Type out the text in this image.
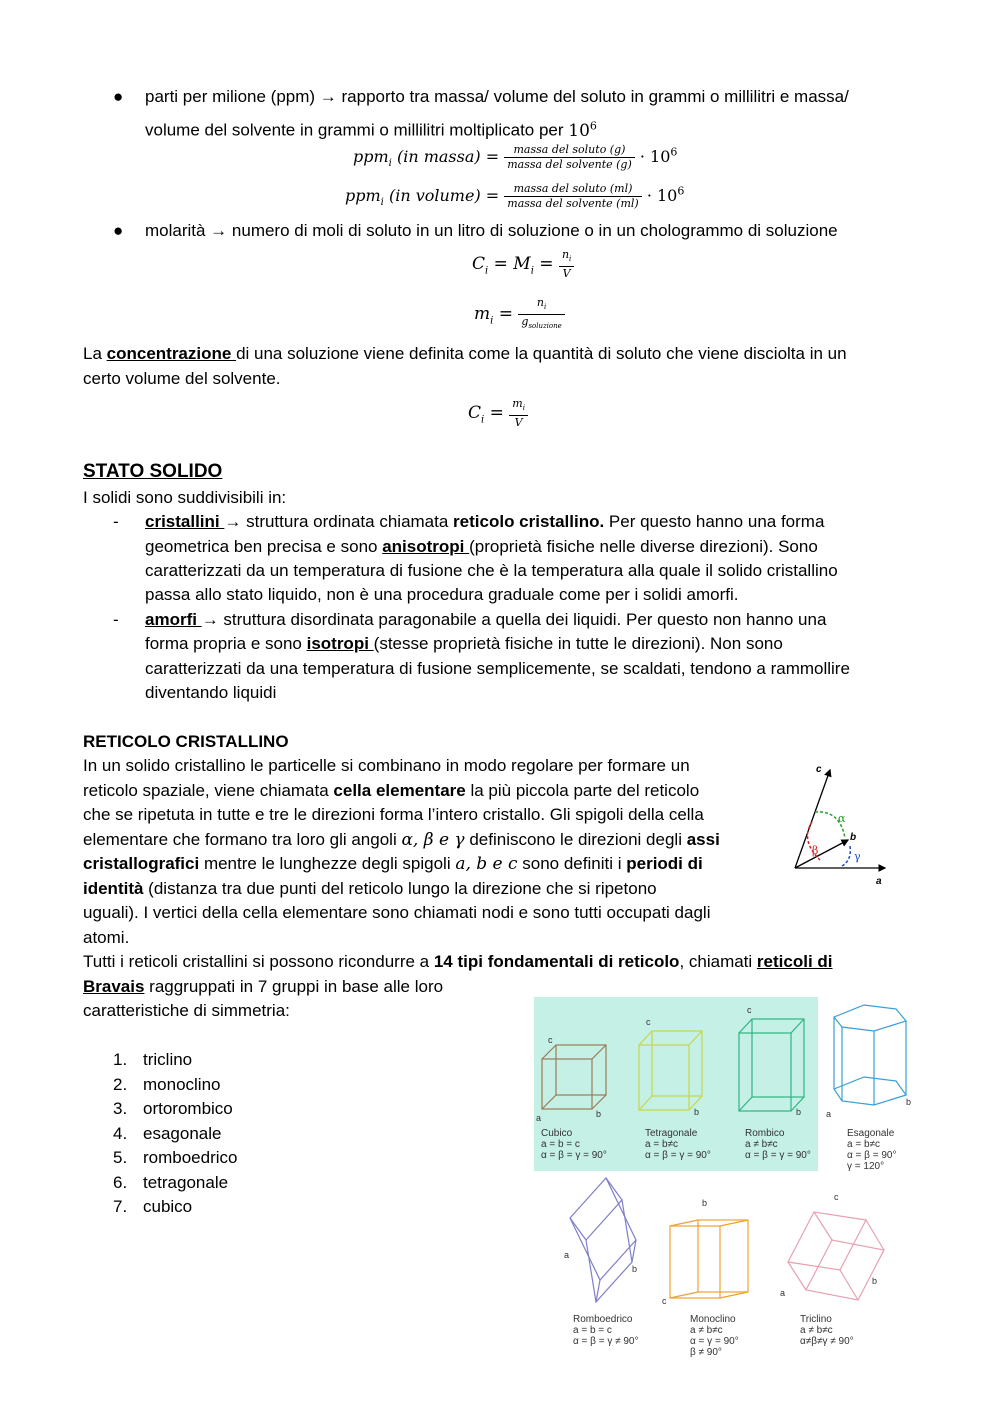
● parti per milione (ppm) → rapporto tra massa/ volume del soluto in grammi o millilitri e massa/
volume del solvente in grammi o millilitri moltiplicato per $10^6$
ppm$_i$ (in massa) =	massa del soluto (g)
massa del solvente $(g) \cdot 10^6$
ppm$_i$ (in volume) =	massa del soluto (ml)
massa del solvente $(ml) \cdot 10^6$
● molarità → numero di moli di soluto in un litro di soluzione o in un chologrammo di soluzione
$C_i = M_i = \frac{n_i}{V}$
$m_i$ =
$n_i$
$g_{soluzione}$
La concentrazione di una soluzione viene definita come la quantità di soluto che viene disciolta in un
certo volume del solvente.
$C_i = \frac{m_i}{V}$
STATO SOLIDO
I solidi sono suddivisibili in:
- cristallini → struttura ordinata chiamata reticolo cristallino. Per questo hanno una forma
geometrica ben precisa e sono anisotropi (proprietà fisiche nelle diverse direzioni). Sono
caratterizzati da un temperatura di fusione che è la temperatura alla quale il solido cristallino
passa allo stato liquido, non è una procedura graduale come per i solidi amorfi.
- amorfi → struttura disordinata paragonabile a quella dei liquidi. Per questo non hanno una
forma propria e sono isotropi (stesse proprietà fisiche in tutte le direzioni). Non sono
caratterizzati da una temperatura di fusione semplicemente, se scaldati, tendono a rammollire
diventando liquidi
RETICOLO CRISTALLINO
In un solido cristallino le particelle si combinano in modo regolare per formare un
reticolo spaziale, viene chiamata cella elementare la più piccola parte del reticolo
che se ripetuta in tutte e tre le direzioni forma l’intero cristallo. Gli spigoli della cella
elementare che formano tra loro gli angoli α, β e γ definiscono le direzioni degli assi
cristallografici mentre le lunghezze degli spigoli a, b e c sono definiti i periodi di
identità (distanza tra due punti del reticolo lungo la direzione che si ripetono
uguali). I vertici della cella elementare sono chiamati nodi e sono tutti occupati dagli
atomi.
Tutti i reticoli cristallini si possono ricondurre a 14 tipi fondamentali di reticolo, chiamati reticoli di
Bravais raggruppati in 7 gruppi in base alle loro
caratteristiche di simmetria:
1. triclino
2. monoclino
3. ortorombico
4. esagonale
5. romboedrico
6. tetragonale
7. cubico
c
a
b
α
β	γ
c
b
a
c
b
c
b
b
a
Cubico
a = b = c
α = β = γ = 90°
Tetragonale
a = b≠c
α = β = γ = 90°
Rombico
a ≠ b≠c
α = β = γ = 90°
Esagonale
a = b≠c
α = β = 90°
γ = 120°
a
b
b
c
c
b
a
Romboedrico
a = b = c
α = β = γ ≠ 90°
Monoclino
a ≠ b≠c
α = γ = 90°
β ≠ 90°
Triclino
a ≠ b≠c
α≠β≠γ ≠ 90°
